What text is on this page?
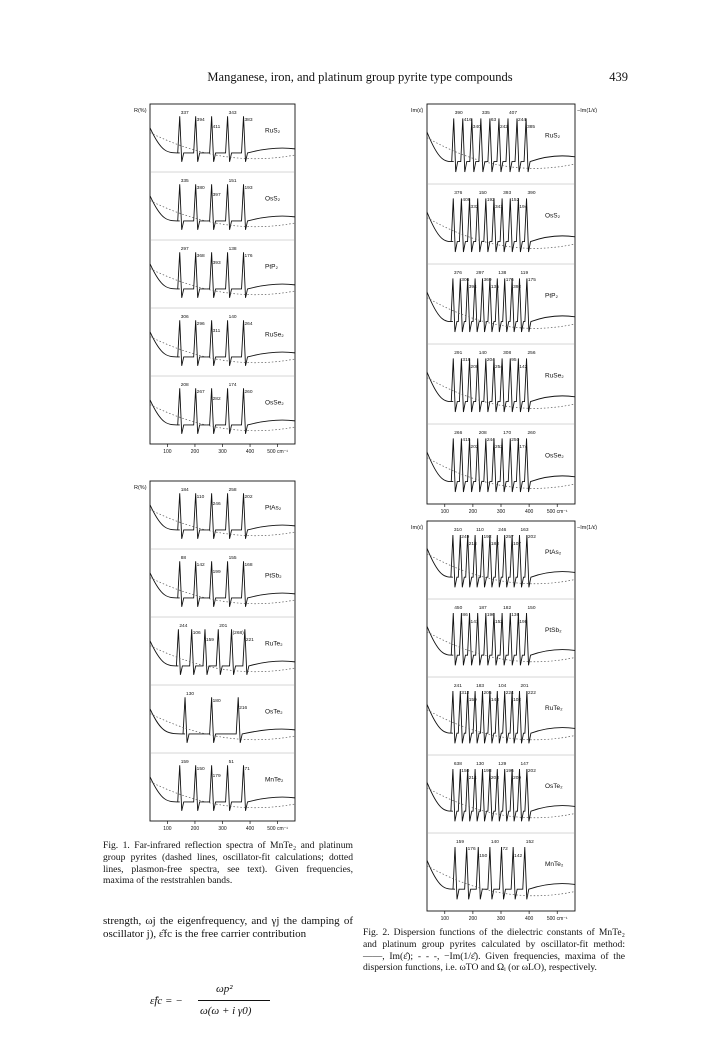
Manganese, iron, and platinum group pyrite type compounds	439
RuS₂
337
394
411
343
383
OsS₂
335
380
397
151
193
PtP₂
297
368
393
138
176
RuSe₂
306
296
311
140
264
OsSe₂
208
267
282
174
260
100	200	300	400	500 cm⁻¹
R(%)
PtAs₂
184
110
246
258
202
PtSb₂
88
142
199
155
168
RuTe₂
244
106
159
201
(268)
221
OsTe₂
130
180
216
MnTe₂
159
150
179
51
71
100	200	300	400	500 cm⁻¹
R(%)
RuS₂
390
416
340
335
63
242
407
244
385
OsS₂
376
408
332
150
192
341
393
152
194
390
PtP₂
376
306
394
297
369
135
138
176
392
119
175
RuSe₂
291
318
208
140
204
254
308
95
142
256
OsSe₂
266
415
202
208
244
252
170
250
174
260
100	200	300	400	500 cm⁻¹
Im(ε̂)	−Im(1/ε̂)
PtAs₂
310
249
218
110
192
183
246
257
107
163
202
PtSb₂
450
86
141
187
196
152
182
136
198
150
RuTe₂
241
312
159
183
205
148
104
224
102
201
222
OsTe₂
638
150
214
130
198
203
129
196
209
147
202
MnTe₂
159
176
150
140
72
142
152
100	200	300	400	500 cm⁻¹
Im(ε̂)	−Im(1/ε̂)
Fig. 1. Far-infrared reflection spectra of MnTe₂ and platinum group pyrites (dashed lines, oscillator-fit calculations; dotted lines, plasmon-free spectra, see text). Given frequencies, maxima of the reststrahlen bands.
Fig. 2. Dispersion functions of the dielectric constants of MnTe₂ and platinum group pyrites calculated by oscillator-fit method: ——, Im(ε̂); - - -, −Im(1/ε̂). Given frequencies, maxima of the dispersion functions, i.e. ωTO and Ωᵢ (or ωLO), respectively.
strength, ωj the eigenfrequency, and γj the damping of oscillator j), ε̂fc is the free carrier contribution
ε̂fc = −
ωp²
ω(ω + i γ0)
